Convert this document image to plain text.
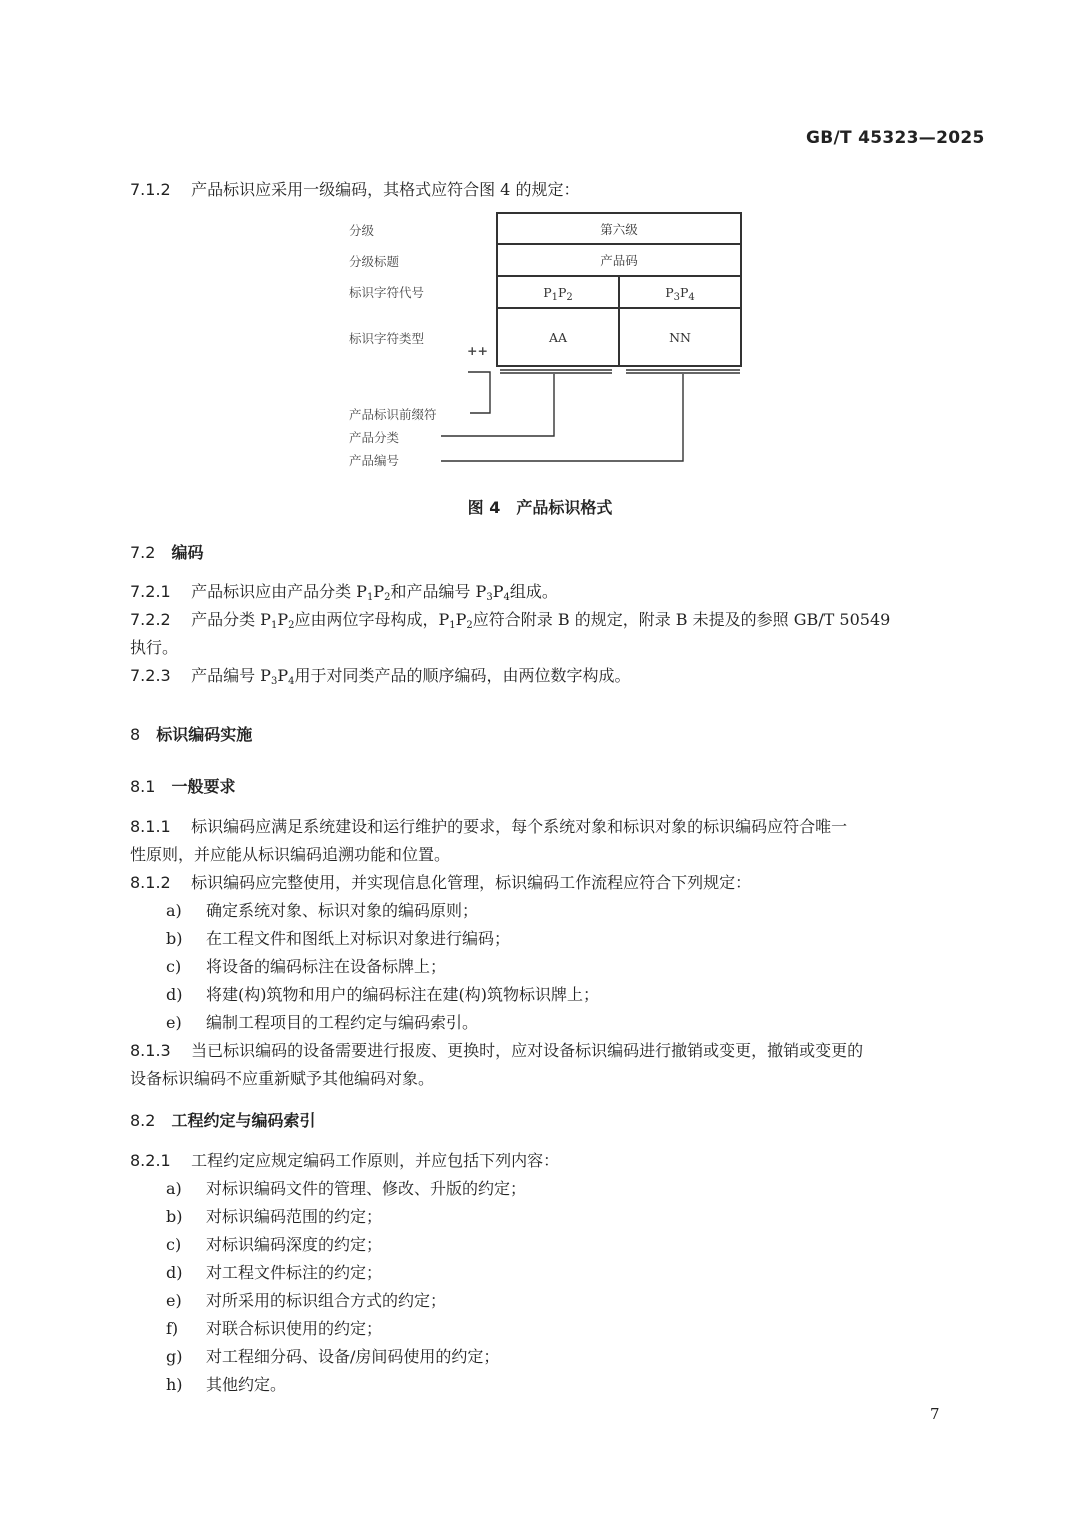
GB/T 45323—2025
7.1.2 产品标识应采用一级编码，其格式应符合图 4 的规定：
分级
分级标题
标识字符代号
标识字符类型
第六级
产品码
$P_1P_2$	$P_3P_4$
AA	NN
++
产品标识前缀符
产品分类
产品编号
图 4 产品标识格式
7.2 编码
7.2.1 产品标识应由产品分类 $P_1P_2$和产品编号 $P_3P_4$组成。
7.2.2 产品分类 $P_1P_2$应由两位字母构成，$P_1P_2$应符合附录 B 的规定，附录 B 未提及的参照 GB/T 50549
执行。
7.2.3 产品编号 $P_3P_4$用于对同类产品的顺序编码，由两位数字构成。
8 标识编码实施
8.1 一般要求
8.1.1 标识编码应满足系统建设和运行维护的要求，每个系统对象和标识对象的标识编码应符合唯一
性原则，并应能从标识编码追溯功能和位置。
8.1.2 标识编码应完整使用，并实现信息化管理，标识编码工作流程应符合下列规定：
a) 确定系统对象、标识对象的编码原则；
b) 在工程文件和图纸上对标识对象进行编码；
c) 将设备的编码标注在设备标牌上；
d) 将建(构)筑物和用户的编码标注在建(构)筑物标识牌上；
e) 编制工程项目的工程约定与编码索引。
8.1.3 当已标识编码的设备需要进行报废、更换时，应对设备标识编码进行撤销或变更，撤销或变更的
设备标识编码不应重新赋予其他编码对象。
8.2 工程约定与编码索引
8.2.1 工程约定应规定编码工作原则，并应包括下列内容：
a) 对标识编码文件的管理、修改、升版的约定；
b) 对标识编码范围的约定；
c) 对标识编码深度的约定；
d) 对工程文件标注的约定；
e) 对所采用的标识组合方式的约定；
f) 对联合标识使用的约定；
g) 对工程细分码、设备/房间码使用的约定；
h) 其他约定。
7
